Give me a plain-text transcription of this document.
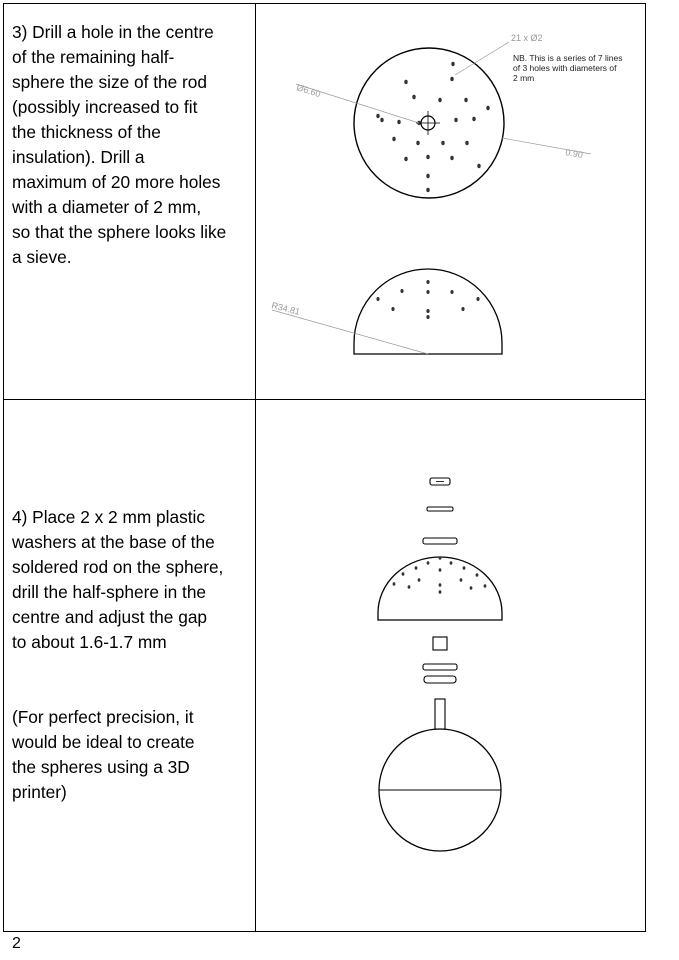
3) Drill a hole in the centre
of the remaining half-
sphere the size of the rod
(possibly increased to fit
the thickness of the
insulation). Drill a
maximum of 20 more holes
with a diameter of 2 mm,
so that the sphere looks like
a sieve.
4) Place 2 x 2 mm plastic
washers at the base of the
soldered rod on the sphere,
drill the half-sphere in the
centre and adjust the gap
to about 1.6-1.7 mm
(For perfect precision, it
would be ideal to create
the spheres using a 3D
printer)
2
21 x Ø2
NB. This is a series of 7 lines of 3 holes with diameters of 2 mm
Ø6.60
0.90
R34.81
